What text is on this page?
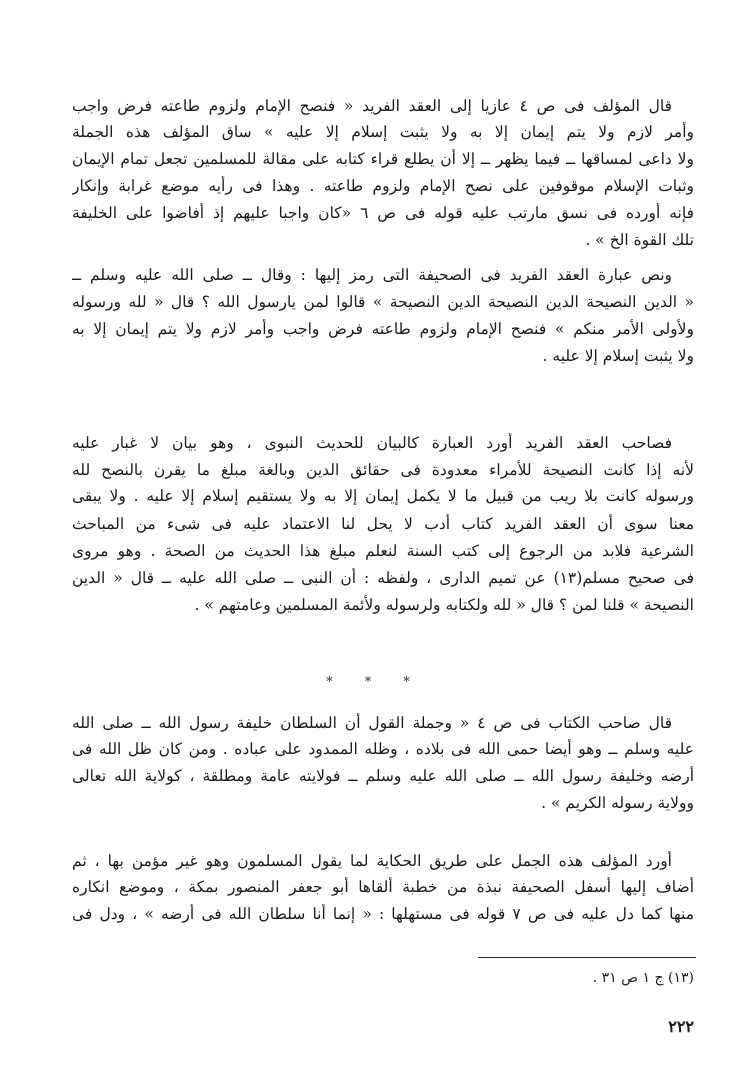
قال المؤلف فى ص ٤ عازيا إلى العقد الفريد « فنصح الإمام ولزوم طاعته فرض واجب
وأمر لازم ولا يتم إيمان إلا به ولا يثبت إسلام إلا عليه » ساق المؤلف هذه الجملة
ولا داعى لمساقها ــ فيما يظهر ــ إلا أن يطلع قراء كتابه على مقالة للمسلمين تجعل تمام الإيمان
وثبات الإسلام موقوفين على نصح الإمام ولزوم طاعته . وهذا فى رأيه موضع غرابة وإنكار
فإنه أورده فى نسق مارتب عليه قوله فى ص ٦ «كان واجبا عليهم إذ أفاضوا على الخليفة
تلك القوة الخ » .
ونص عبارة العقد الفريد فى الصحيفة التى رمز إليها : وقال ــ صلى الله عليه وسلم ــ
« الدين النصيحة الدين النصيحة الدين النصيحة » قالوا لمن يارسول الله ؟ قال « لله ورسوله
ولأولى الأمر منكم » فنصح الإمام ولزوم طاعته فرض واجب وأمر لازم ولا يتم إيمان إلا به
ولا يثبت إسلام إلا عليه .
فصاحب العقد الفريد أورد العبارة كالبيان للحديث النبوى ، وهو بيان لا غبار عليه
لأنه إذا كانت النصيحة للأمراء معدودة فى حقائق الدين وبالغة مبلغ ما يقرن بالنصح لله
ورسوله كانت بلا ريب من قبيل ما لا يكمل إيمان إلا به ولا يستقيم إسلام إلا عليه . ولا يبقى
معنا سوى أن العقد الفريد كتاب أدب لا يحل لنا الاعتماد عليه فى شىء من المباحث
الشرعية فلابد من الرجوع إلى كتب السنة لنعلم مبلغ هذا الحديث من الصحة . وهو مروى
فى صحيح مسلم(١٣) عن تميم الدارى ، ولفظه : أن النبى ــ صلى الله عليه ــ قال « الدين
النصيحة » قلنا لمن ؟ قال « لله ولكتابه ولرسوله ولأئمة المسلمين وعامتهم » .
* * *
قال صاحب الكتاب فى ص ٤ « وجملة القول أن السلطان خليفة رسول الله ــ صلى الله
عليه وسلم ــ وهو أيضا حمى الله فى بلاده ، وظله الممدود على عباده . ومن كان ظل الله فى
أرضه وخليفة رسول الله ــ صلى الله عليه وسلم ــ فولايته عامة ومطلقة ، كولاية الله تعالى
وولاية رسوله الكريم » .
أورد المؤلف هذه الجمل على طريق الحكاية لما يقول المسلمون وهو غير مؤمن بها ، ثم
أضاف إليها أسفل الصحيفة نبذة من خطبة ألقاها أبو جعفر المنصور بمكة ، وموضع انكاره
منها كما دل عليه فى ص ٧ قوله فى مستهلها : « إنما أنا سلطان الله فى أرضه » ، ودل فى
(١٣) ج ١ ص ٣١ .
٢٢٢
